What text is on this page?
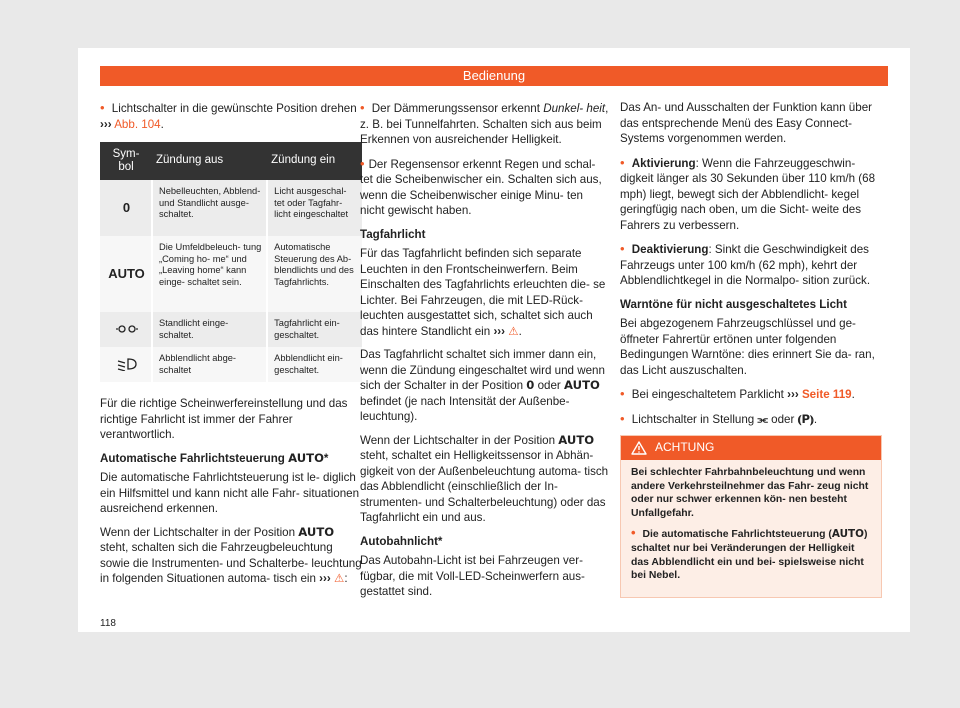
Bedienung

• Lichtschalter in die gewünschte Position drehen ››› Abb. 104.

Sym- bol	Zündung aus	Zündung ein
0	Nebelleuchten, Abblend- und Standlicht ausge- schaltet.	Licht ausgeschal- tet oder Tagfahr- licht eingeschaltet
AUTO	Die Umfeldbeleuch- tung „Coming ho- me“ und „Leaving home“ kann einge- schaltet sein.	Automatische Steuerung des Ab- blendlichts und des Tagfahrlichts.
	Standlicht einge- schaltet.	Tagfahrlicht ein- geschaltet.
	Abblendlicht abge- schaltet	Abblendlicht ein- geschaltet.

Für die richtige Scheinwerfereinstellung und das richtige Fahrlicht ist immer der Fahrer verantwortlich.

Automatische Fahrlichtsteuerung AUTO*

Die automatische Fahrlichtsteuerung ist le- diglich ein Hilfsmittel und kann nicht alle Fahr- situationen ausreichend erkennen.

Wenn der Lichtschalter in der Position AUTO steht, schalten sich die Fahrzeugbeleuchtung sowie die Instrumenten- und Schalterbe- leuchtung in folgenden Situationen automa- tisch ein ››› ⚠:

• Der Dämmerungssensor erkennt Dunkel- heit, z. B. bei Tunnelfahrten. Schalten sich aus beim Erkennen von ausreichender Helligkeit.

• Der Regensensor erkennt Regen und schal- tet die Scheibenwischer ein. Schalten sich aus, wenn die Scheibenwischer einige Minu- ten nicht gewischt haben.

Tagfahrlicht

Für das Tagfahrlicht befinden sich separate Leuchten in den Frontscheinwerfern. Beim Einschalten des Tagfahrlichts erleuchten die- se Lichter. Bei Fahrzeugen, die mit LED-Rück- leuchten ausgestattet sich, schaltet sich auch das hintere Standlicht ein ››› ⚠.

Das Tagfahrlicht schaltet sich immer dann ein, wenn die Zündung eingeschaltet wird und wenn sich der Schalter in der Position 0 oder AUTO befindet (je nach Intensität der Außenbe- leuchtung).

Wenn der Lichtschalter in der Position AUTO steht, schaltet ein Helligkeitssensor in Abhän- gigkeit von der Außenbeleuchtung automa- tisch das Abblendlicht (einschließlich der In- strumenten- und Schalterbeleuchtung) oder das Tagfahrlicht ein und aus.

Autobahnlicht*

Das Autobahn-Licht ist bei Fahrzeugen ver- fügbar, die mit Voll-LED-Scheinwerfern aus- gestattet sind.

Das An- und Ausschalten der Funktion kann über das entsprechende Menü des Easy Connect-Systems vorgenommen werden.

• Aktivierung: Wenn die Fahrzeuggeschwin- digkeit länger als 30 Sekunden über 110 km/h (68 mph) liegt, bewegt sich der Abblendlicht- kegel geringfügig nach oben, um die Sicht- weite des Fahrers zu verbessern.

• Deaktivierung: Sinkt die Geschwindigkeit des Fahrzeugs unter 100 km/h (62 mph), kehrt der Abblendlichtkegel in die Normalpo- sition zurück.

Warntöne für nicht ausgeschaltetes Licht

Bei abgezogenem Fahrzeugschlüssel und ge- öffneter Fahrertür ertönen unter folgenden Bedingungen Warntöne: dies erinnert Sie da- ran, das Licht auszuschalten.

• Bei eingeschaltetem Parklicht ››› Seite 119.

• Lichtschalter in Stellung ⫘ oder ⦅P⦆.

ACHTUNG

Bei schlechter Fahrbahnbeleuchtung und wenn andere Verkehrsteilnehmer das Fahr- zeug nicht oder nur schwer erkennen kön- nen besteht Unfallgefahr.

• Die automatische Fahrlichtsteuerung (AUTO) schaltet nur bei Veränderungen der Helligkeit das Abblendlicht ein und bei- spielsweise nicht bei Nebel.

118
